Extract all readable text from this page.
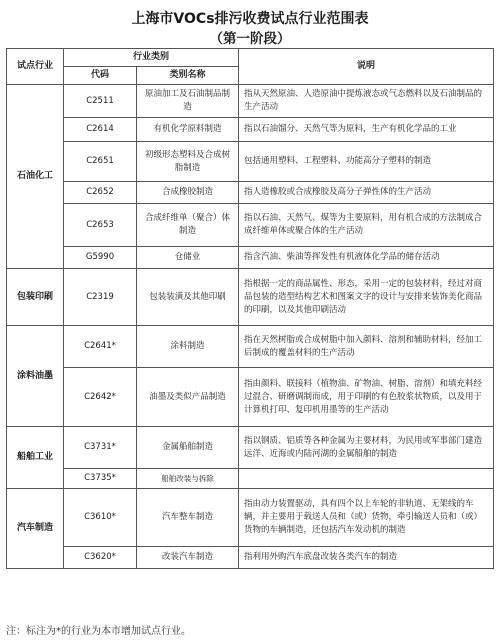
上海市VOCs排污收费试点行业范围表
（第一阶段）
试点行业	行业类别		说明
	代码	类别名称	
石油化工	C2511	原油加工及石油制品制造	指从天然原油、人造原油中提炼液态或气态燃料以及石油制品的生产活动
	C2614	有机化学原料制造	指以石油馏分、天然气等为原料，生产有机化学品的工业
	C2651	初级形态塑料及合成树脂制造	包括通用塑料、工程塑料、功能高分子塑料的制造
	C2652	合成橡胶制造	指人造橡胶或合成橡胶及高分子弹性体的生产活动
	C2653	合成纤维单（聚合）体制造	指以石油、天然气、煤等为主要原料，用有机合成的方法制成合成纤维单体或聚合体的生产活动
	G5990	仓储业	指含汽油、柴油等挥发性有机液体化学品的储存活动
包装印刷	C2319	包装装潢及其他印刷	指根据一定的商品属性、形态，采用一定的包装材料，经过对商品包装的造型结构艺术和图案文字的设计与安排来装饰美化商品的印刷，以及其他印刷活动
涂料油墨	C2641*	涂料制造	指在天然树脂或合成树脂中加入颜料、溶剂和辅助材料，经加工后制成的覆盖材料的生产活动
	C2642*	油墨及类似产品制造	指由颜料、联接料（植物油、矿物油、树脂、溶剂）和填充料经过混合、研磨调制而成，用于印刷的有色胶浆状物质，以及用于计算机打印、复印机用墨等的生产活动
船舶工业	C3731*	金属船舶制造	指以钢质、铝质等各种金属为主要材料，为民用或军事部门建造远洋、近海或内陆河湖的金属船舶的制造
	C3735*	船舶改装与拆除	
汽车制造	C3610*	汽车整车制造	指由动力装置驱动，具有四个以上车轮的非轨道、无架线的车辆，并主要用于载送人员和（或）货物，牵引输送人员和（或）货物的车辆制造，还包括汽车发动机的制造
	C3620*	改装汽车制造	指利用外购汽车底盘改装各类汽车的制造
注：标注为*的行业为本市增加试点行业。
